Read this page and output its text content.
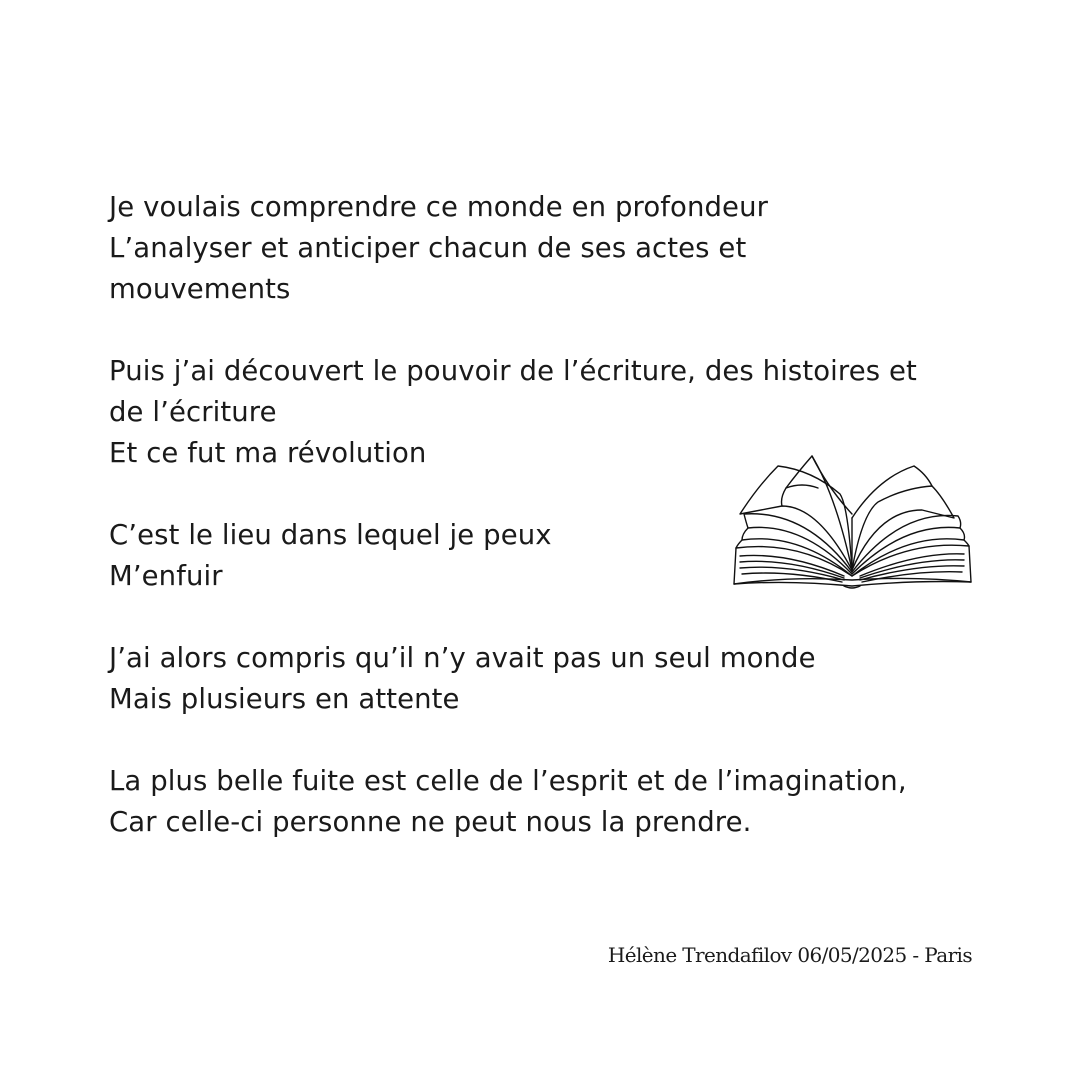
Je voulais comprendre ce monde en profondeur
L’analyser et anticiper chacun de ses actes et
mouvements
Puis j’ai découvert le pouvoir de l’écriture, des histoires et
de l’écriture
Et ce fut ma révolution
C’est le lieu dans lequel je peux
M’enfuir
J’ai alors compris qu’il n’y avait pas un seul monde
Mais plusieurs en attente
La plus belle fuite est celle de l’esprit et de l’imagination,
Car celle-ci personne ne peut nous la prendre.
Hélène Trendafilov 06/05/2025 - Paris
